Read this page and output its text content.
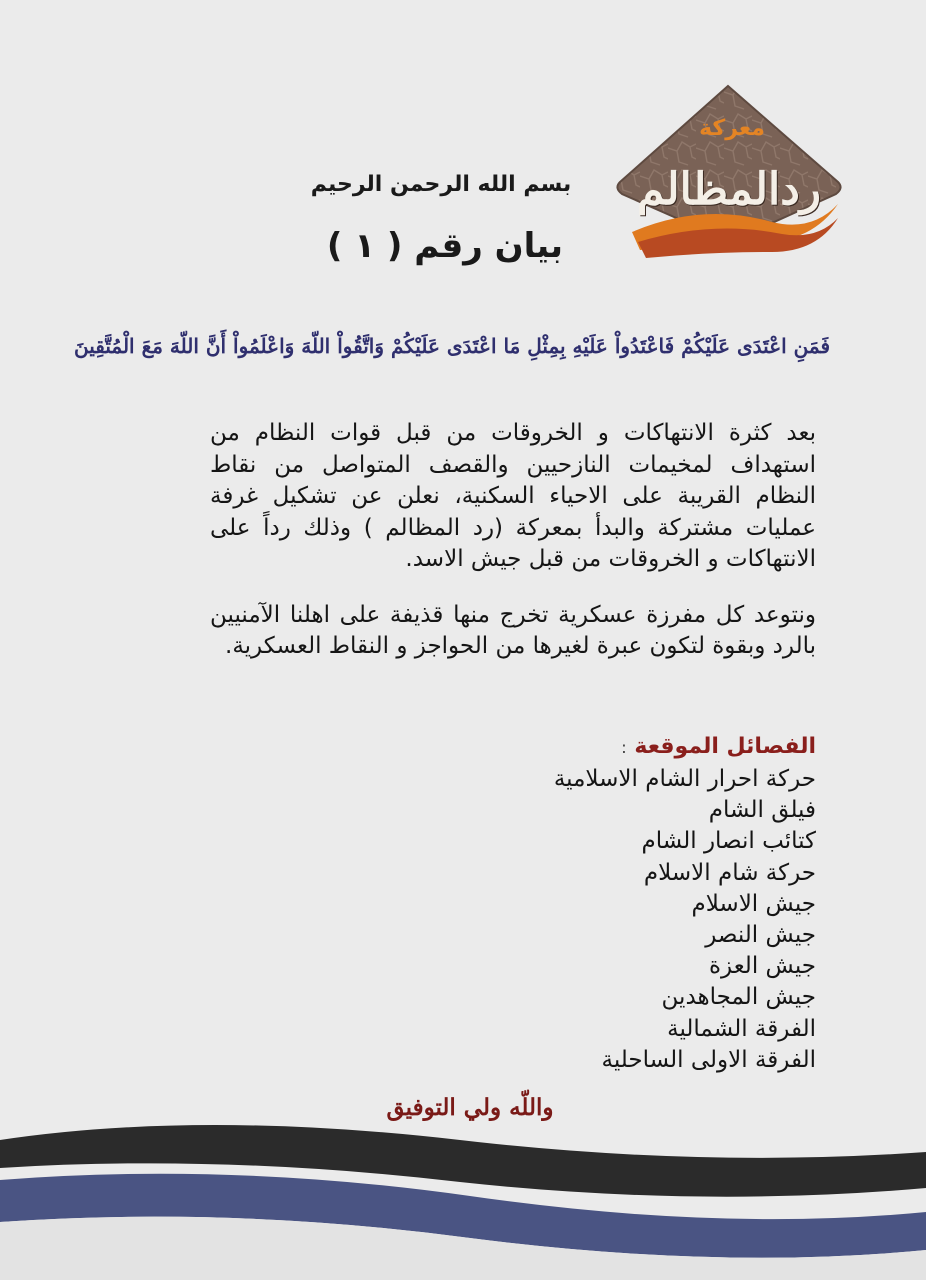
معركة
ردالمظالم
بسم الله الرحمن الرحيم
بيان رقم ( ١ )
فَمَنِ اعْتَدَى عَلَيْكُمْ فَاعْتَدُواْ عَلَيْهِ بِمِثْلِ مَا اعْتَدَى عَلَيْكُمْ وَاتَّقُواْ اللّهَ وَاعْلَمُواْ أَنَّ اللّهَ مَعَ الْمُتَّقِينَ

بعد كثرة الانتهاكات و الخروقات من قبل قوات النظام من استهداف لمخيمات النازحيين والقصف المتواصل من نقاط النظام القريبة على الاحياء السكنية، نعلن عن تشكيل غرفة عمليات مشتركة والبدأ بمعركة (رد المظالم ) وذلك رداً على الانتهاكات و الخروقات من قبل جيش الاسد.

ونتوعد كل مفرزة عسكرية تخرج منها قذيفة على اهلنا الآمنيين بالرد وبقوة لتكون عبرة لغيرها من الحواجز و النقاط العسكرية.

الفصائل الموقعة :
حركة احرار الشام الاسلامية
فيلق الشام
كتائب انصار الشام
حركة شام الاسلام
جيش الاسلام
جيش النصر
جيش العزة
جيش المجاهدين
الفرقة الشمالية
الفرقة الاولى الساحلية
واللّه ولي التوفيق
